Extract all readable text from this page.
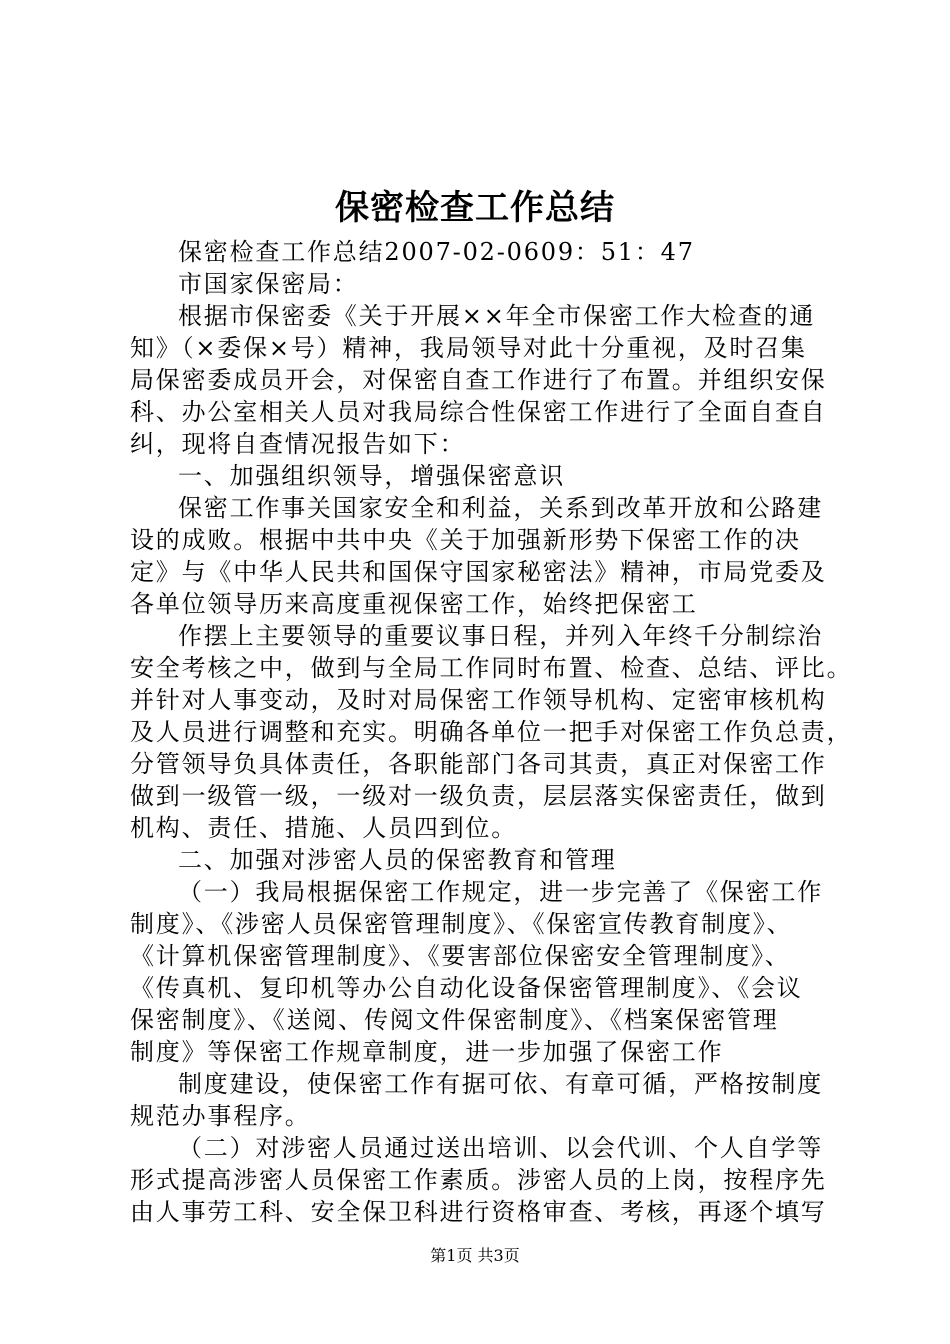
保密检查工作总结
保密检查工作总结2007-02-0609：51：47
市国家保密局：
根据市保密委《关于开展××年全市保密工作大检查的通
知》（×委保×号）精神，我局领导对此十分重视，及时召集
局保密委成员开会，对保密自查工作进行了布置。并组织安保
科、办公室相关人员对我局综合性保密工作进行了全面自查自
纠，现将自查情况报告如下：
一、加强组织领导，增强保密意识
保密工作事关国家安全和利益，关系到改革开放和公路建
设的成败。根据中共中央《关于加强新形势下保密工作的决
定》与《中华人民共和国保守国家秘密法》精神，市局党委及
各单位领导历来高度重视保密工作，始终把保密工
作摆上主要领导的重要议事日程，并列入年终千分制综治
安全考核之中，做到与全局工作同时布置、检查、总结、评比。
并针对人事变动，及时对局保密工作领导机构、定密审核机构
及人员进行调整和充实。明确各单位一把手对保密工作负总责，
分管领导负具体责任，各职能部门各司其责，真正对保密工作
做到一级管一级，一级对一级负责，层层落实保密责任，做到
机构、责任、措施、人员四到位。
二、加强对涉密人员的保密教育和管理
（一）我局根据保密工作规定，进一步完善了《保密工作
制度》、《涉密人员保密管理制度》、《保密宣传教育制度》、
《计算机保密管理制度》、《要害部位保密安全管理制度》、
《传真机、复印机等办公自动化设备保密管理制度》、《会议
保密制度》、《送阅、传阅文件保密制度》、《档案保密管理
制度》等保密工作规章制度，进一步加强了保密工作
制度建设，使保密工作有据可依、有章可循，严格按制度
规范办事程序。
（二）对涉密人员通过送出培训、以会代训、个人自学等
形式提高涉密人员保密工作素质。涉密人员的上岗，按程序先
由人事劳工科、安全保卫科进行资格审查、考核，再逐个填写
第1页 共3页
